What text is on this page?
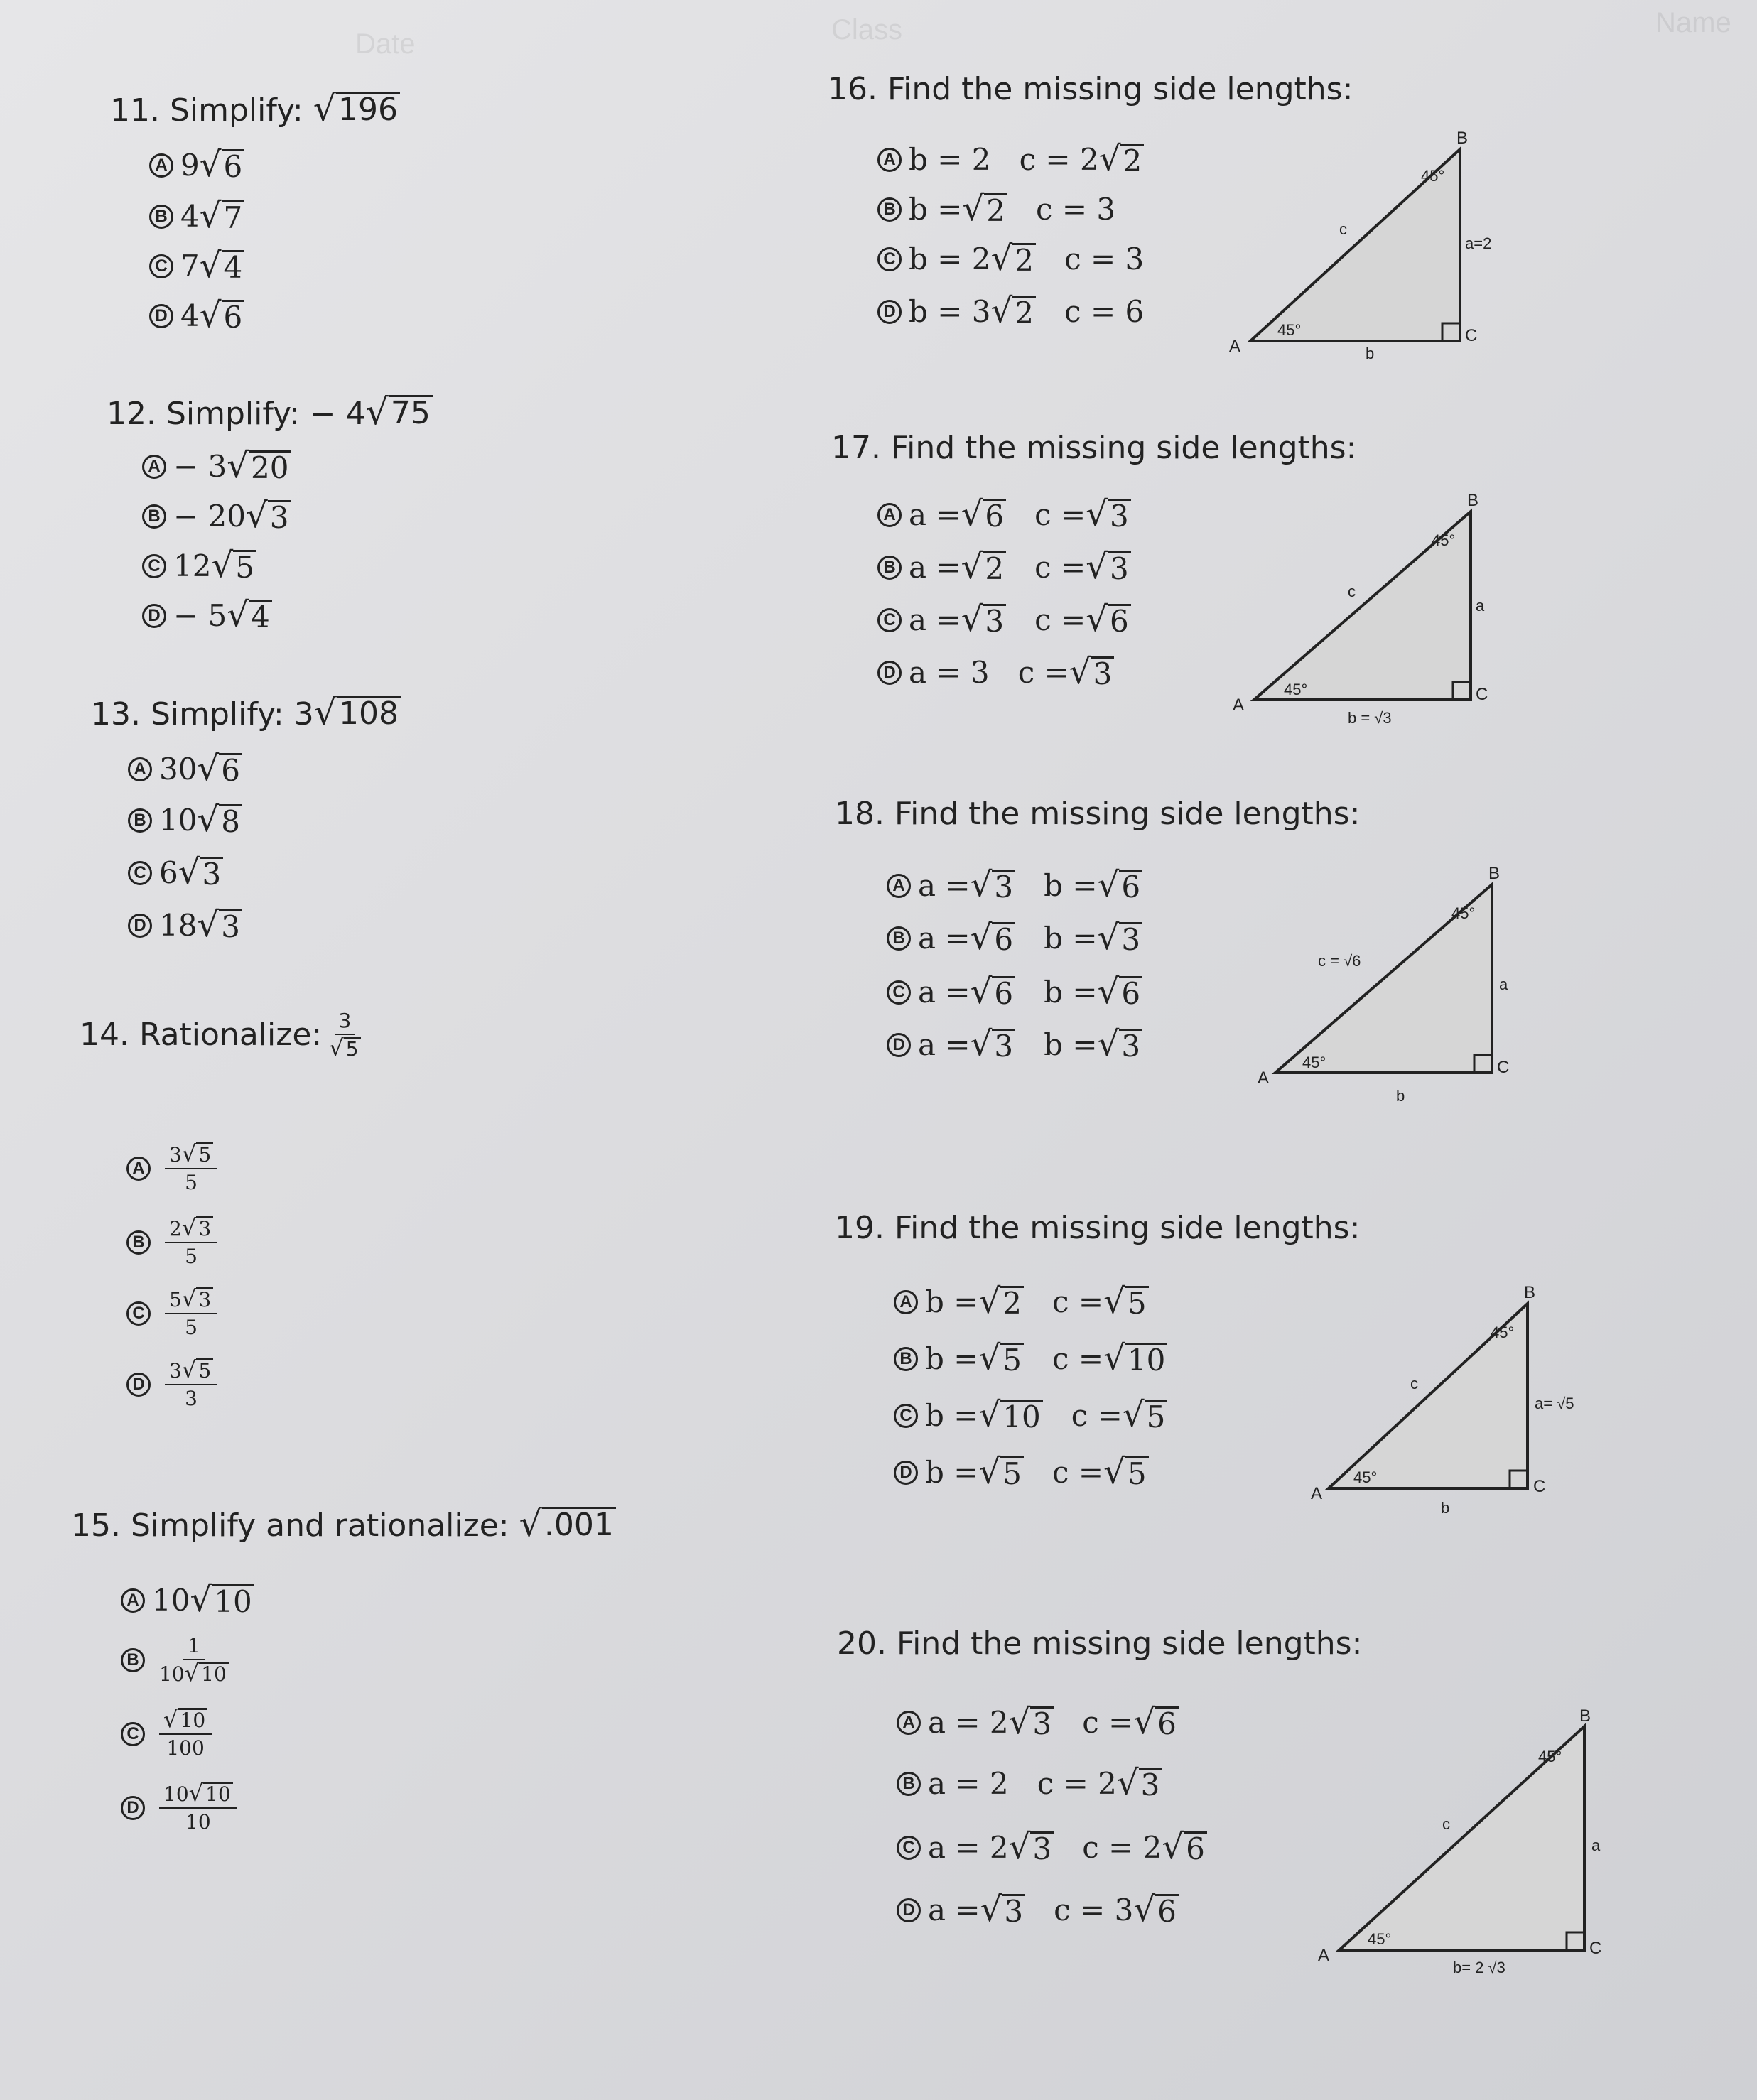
Date	Class	Name
11. Simplify: √ 196
A 9 √ 6
B 4 √ 7
C 7 √ 4
D 4 √ 6
12. Simplify: − 4 √ 75
A − 3 √ 20
B − 20 √ 3
C 12 √ 5
D − 5 √ 4
13. Simplify: 3 √ 108
A 30 √ 6
B 10 √ 8
C 6 √ 3
D 18 √ 3
14. Rationalize: $\frac{3}{√ 5}$
A $\frac{3 √ 5}{5}$
B $\frac{2 √ 3}{5}$
C $\frac{5 √ 3}{5}$
D $\frac{3 √ 5}{3}$
15. Simplify and rationalize: √ .001
A 10 √ 10
B $\frac{1}{10 √ 10}$
C $\frac{√ 10}{100}$
D $\frac{10 √ 10}{10}$
16. Find the missing side lengths:
A b = 2
c = 2 √ 2
B b = √ 2
c = 3
C b = 2 √ 2
c = 3
D b = 3 √ 2
c = 6
17. Find the missing side lengths:
A a = √ 6
c = √ 3
B a = √ 2
c = √ 3
C a = √ 3
c = √ 6
D a = 3
c = √ 3
18. Find the missing side lengths:
A a = √ 3
b = √ 6
B a = √ 6
b = √ 3
C a = √ 6
b = √ 6
D a = √ 3
b = √ 3
19. Find the missing side lengths:
A b = √ 2
c = √ 5
B b = √ 5
c = √ 10
C b = √ 10
c = √ 5
D b = √ 5
c = √ 5
20. Find the missing side lengths:
A a = 2 √ 3
c = √ 6
B a = 2
c = 2 √ 3
C a = 2 √ 3
c = 2 √ 6
D a = √ 3
c = 3 √ 6
A
B
C
45°
45°
c
b
a=2
A
B
C
45°
45°
c
b = √3
a
A
B
C
45°
45°
c = √6
b
a
A
B
C
45°
45°
c
b
a= √5
A
B
C
45°
45°
c
b= 2 √3
a
